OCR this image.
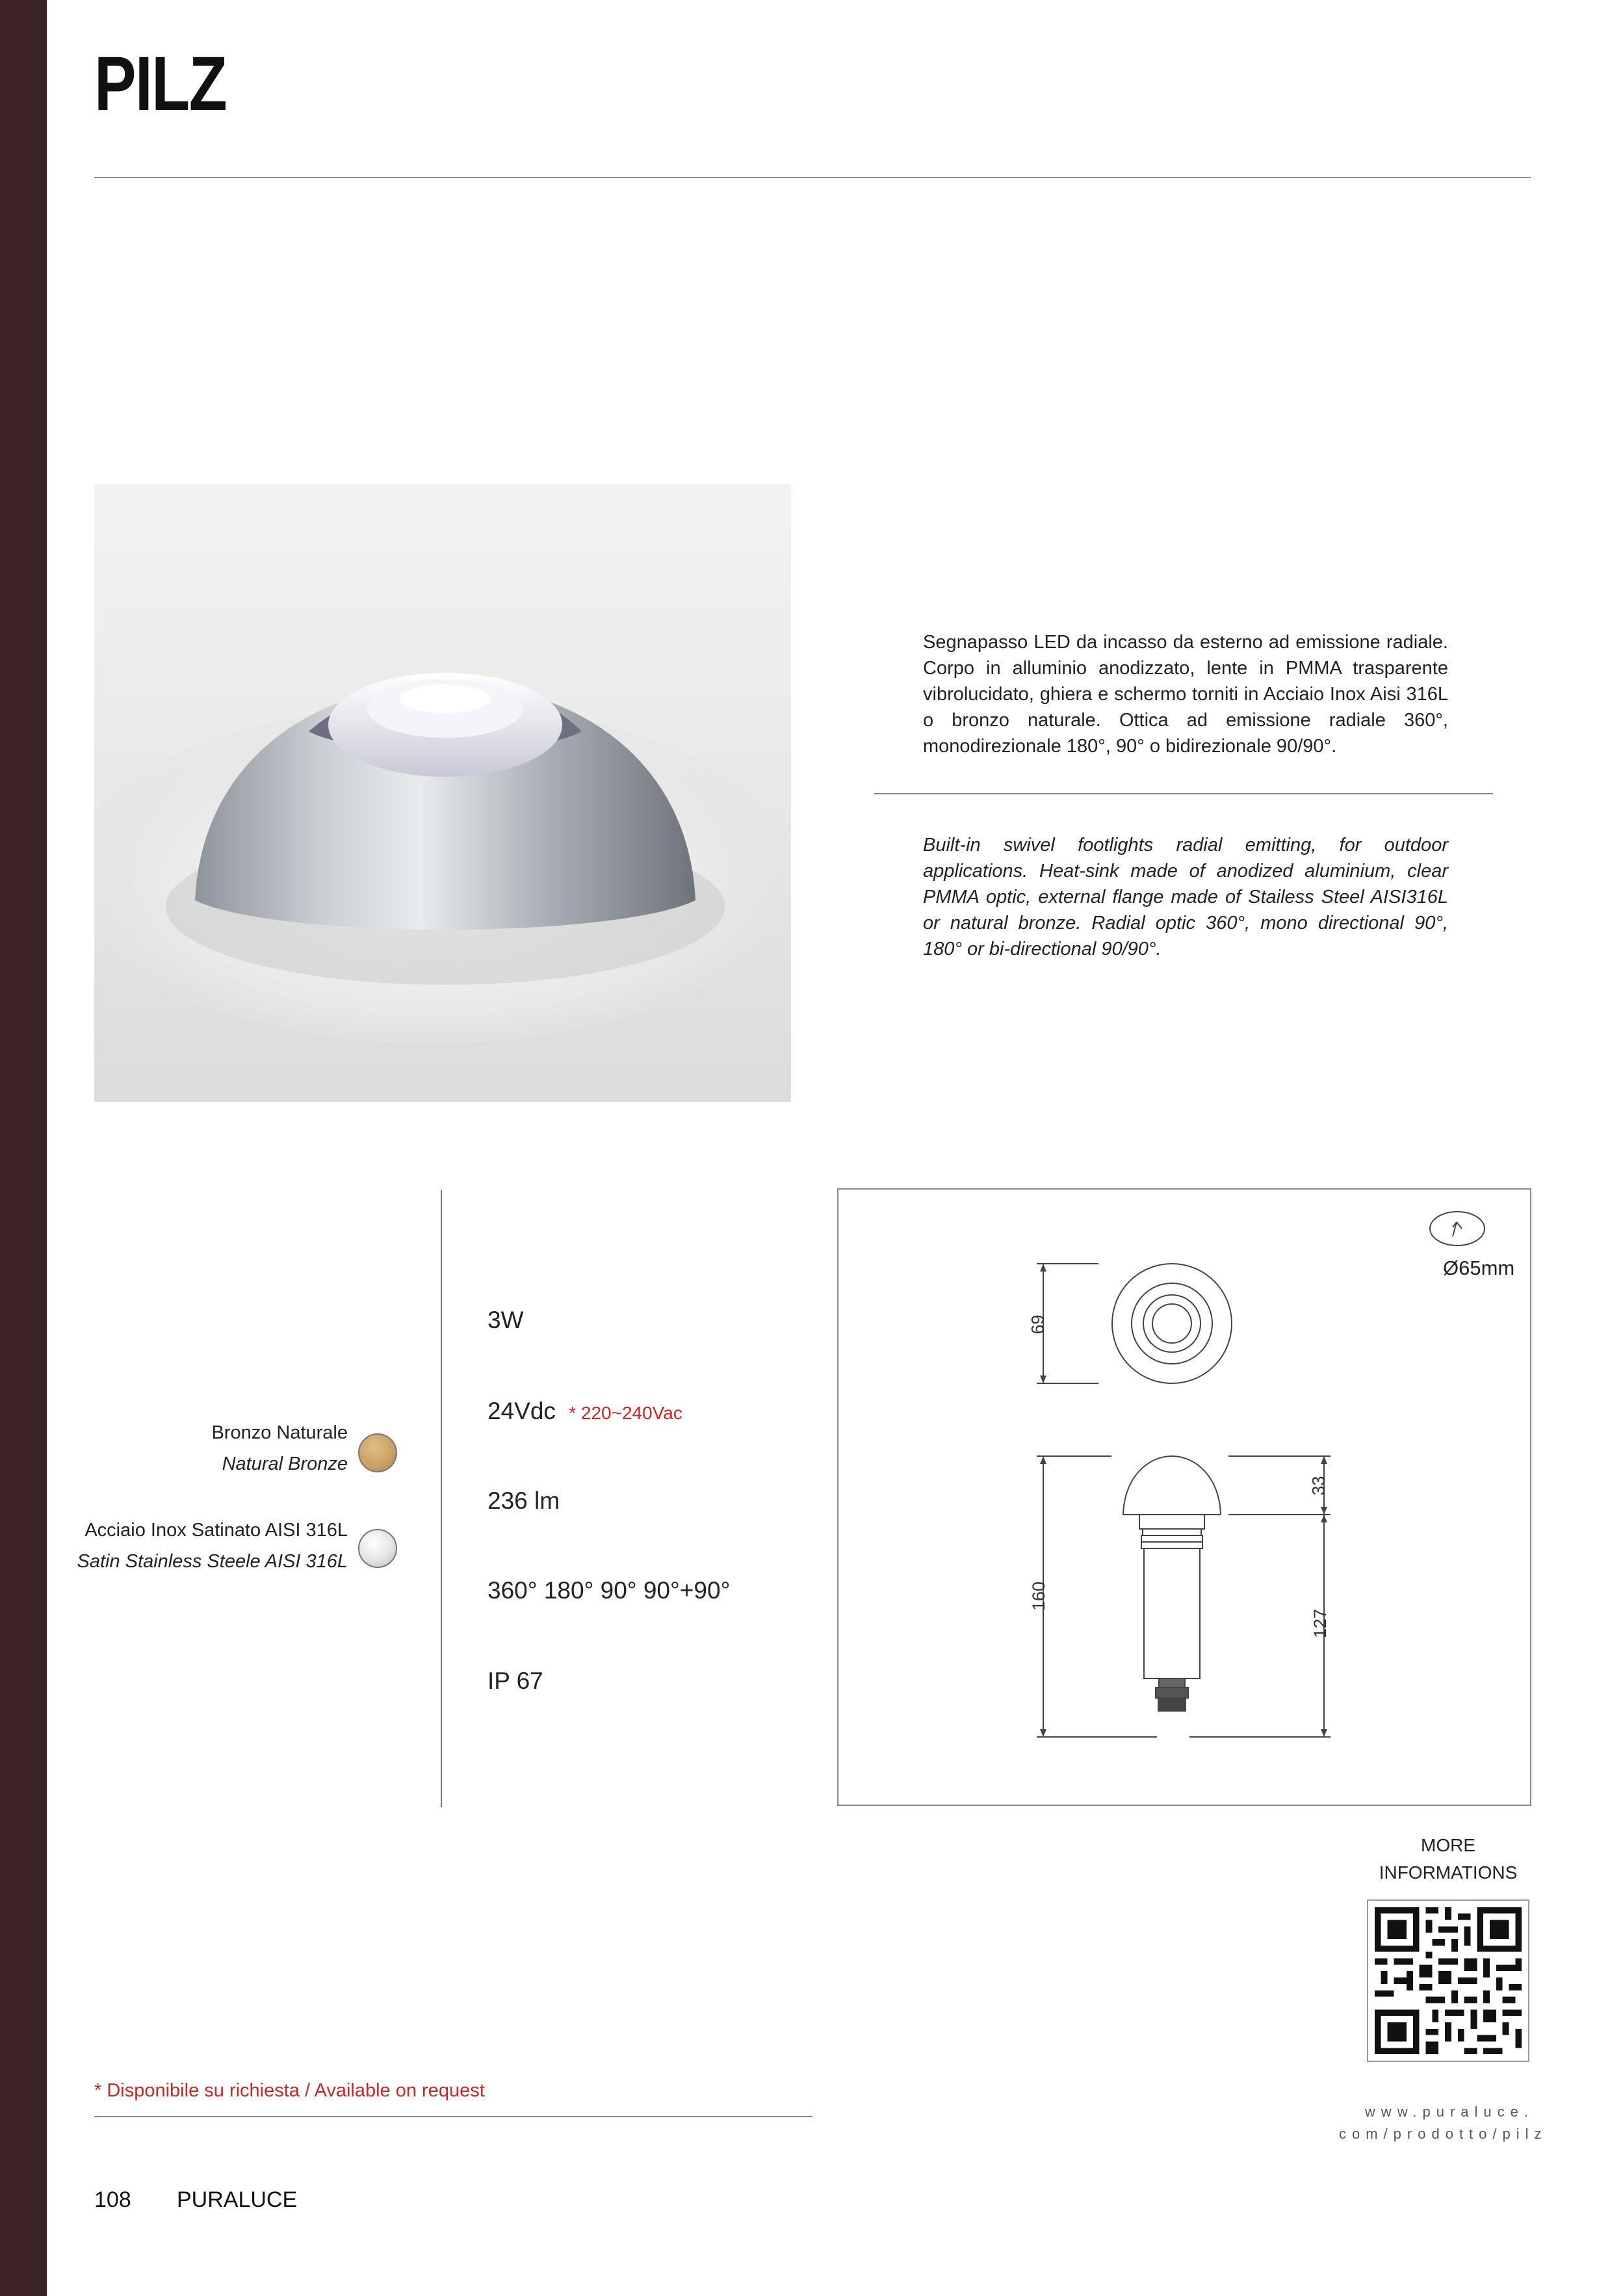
PILZ
Segnapasso LED da incasso da esterno ad emissione radiale. Corpo in alluminio anodizzato, lente in PMMA trasparente vibrolucidato, ghiera e schermo torniti in Acciaio Inox Aisi 316L o bronzo naturale. Ottica ad emissione radiale 360°, monodirezionale 180°, 90° o bidirezionale 90/90°.
Built-in swivel footlights radial emitting, for outdoor applications. Heat-sink made of anodized aluminium, clear PMMA optic, external flange made of Stailess Steel AISI316L or natural bronze. Radial optic 360°, mono directional 90°, 180° or bi-directional 90/90°.
Bronzo Naturale
Natural Bronze
Acciaio Inox Satinato AISI 316L
Satin Stainless Steele AISI 316L
3W
24Vdc * 220~240Vac
236 lm
360° 180° 90° 90°+90°
IP 67
69
160
33
127
Ø65mm
MORE
INFORMATIONS
www.puraluce.
com/prodotto/pilz
* Disponibile su richiesta / Available on request
108 PURALUCE
